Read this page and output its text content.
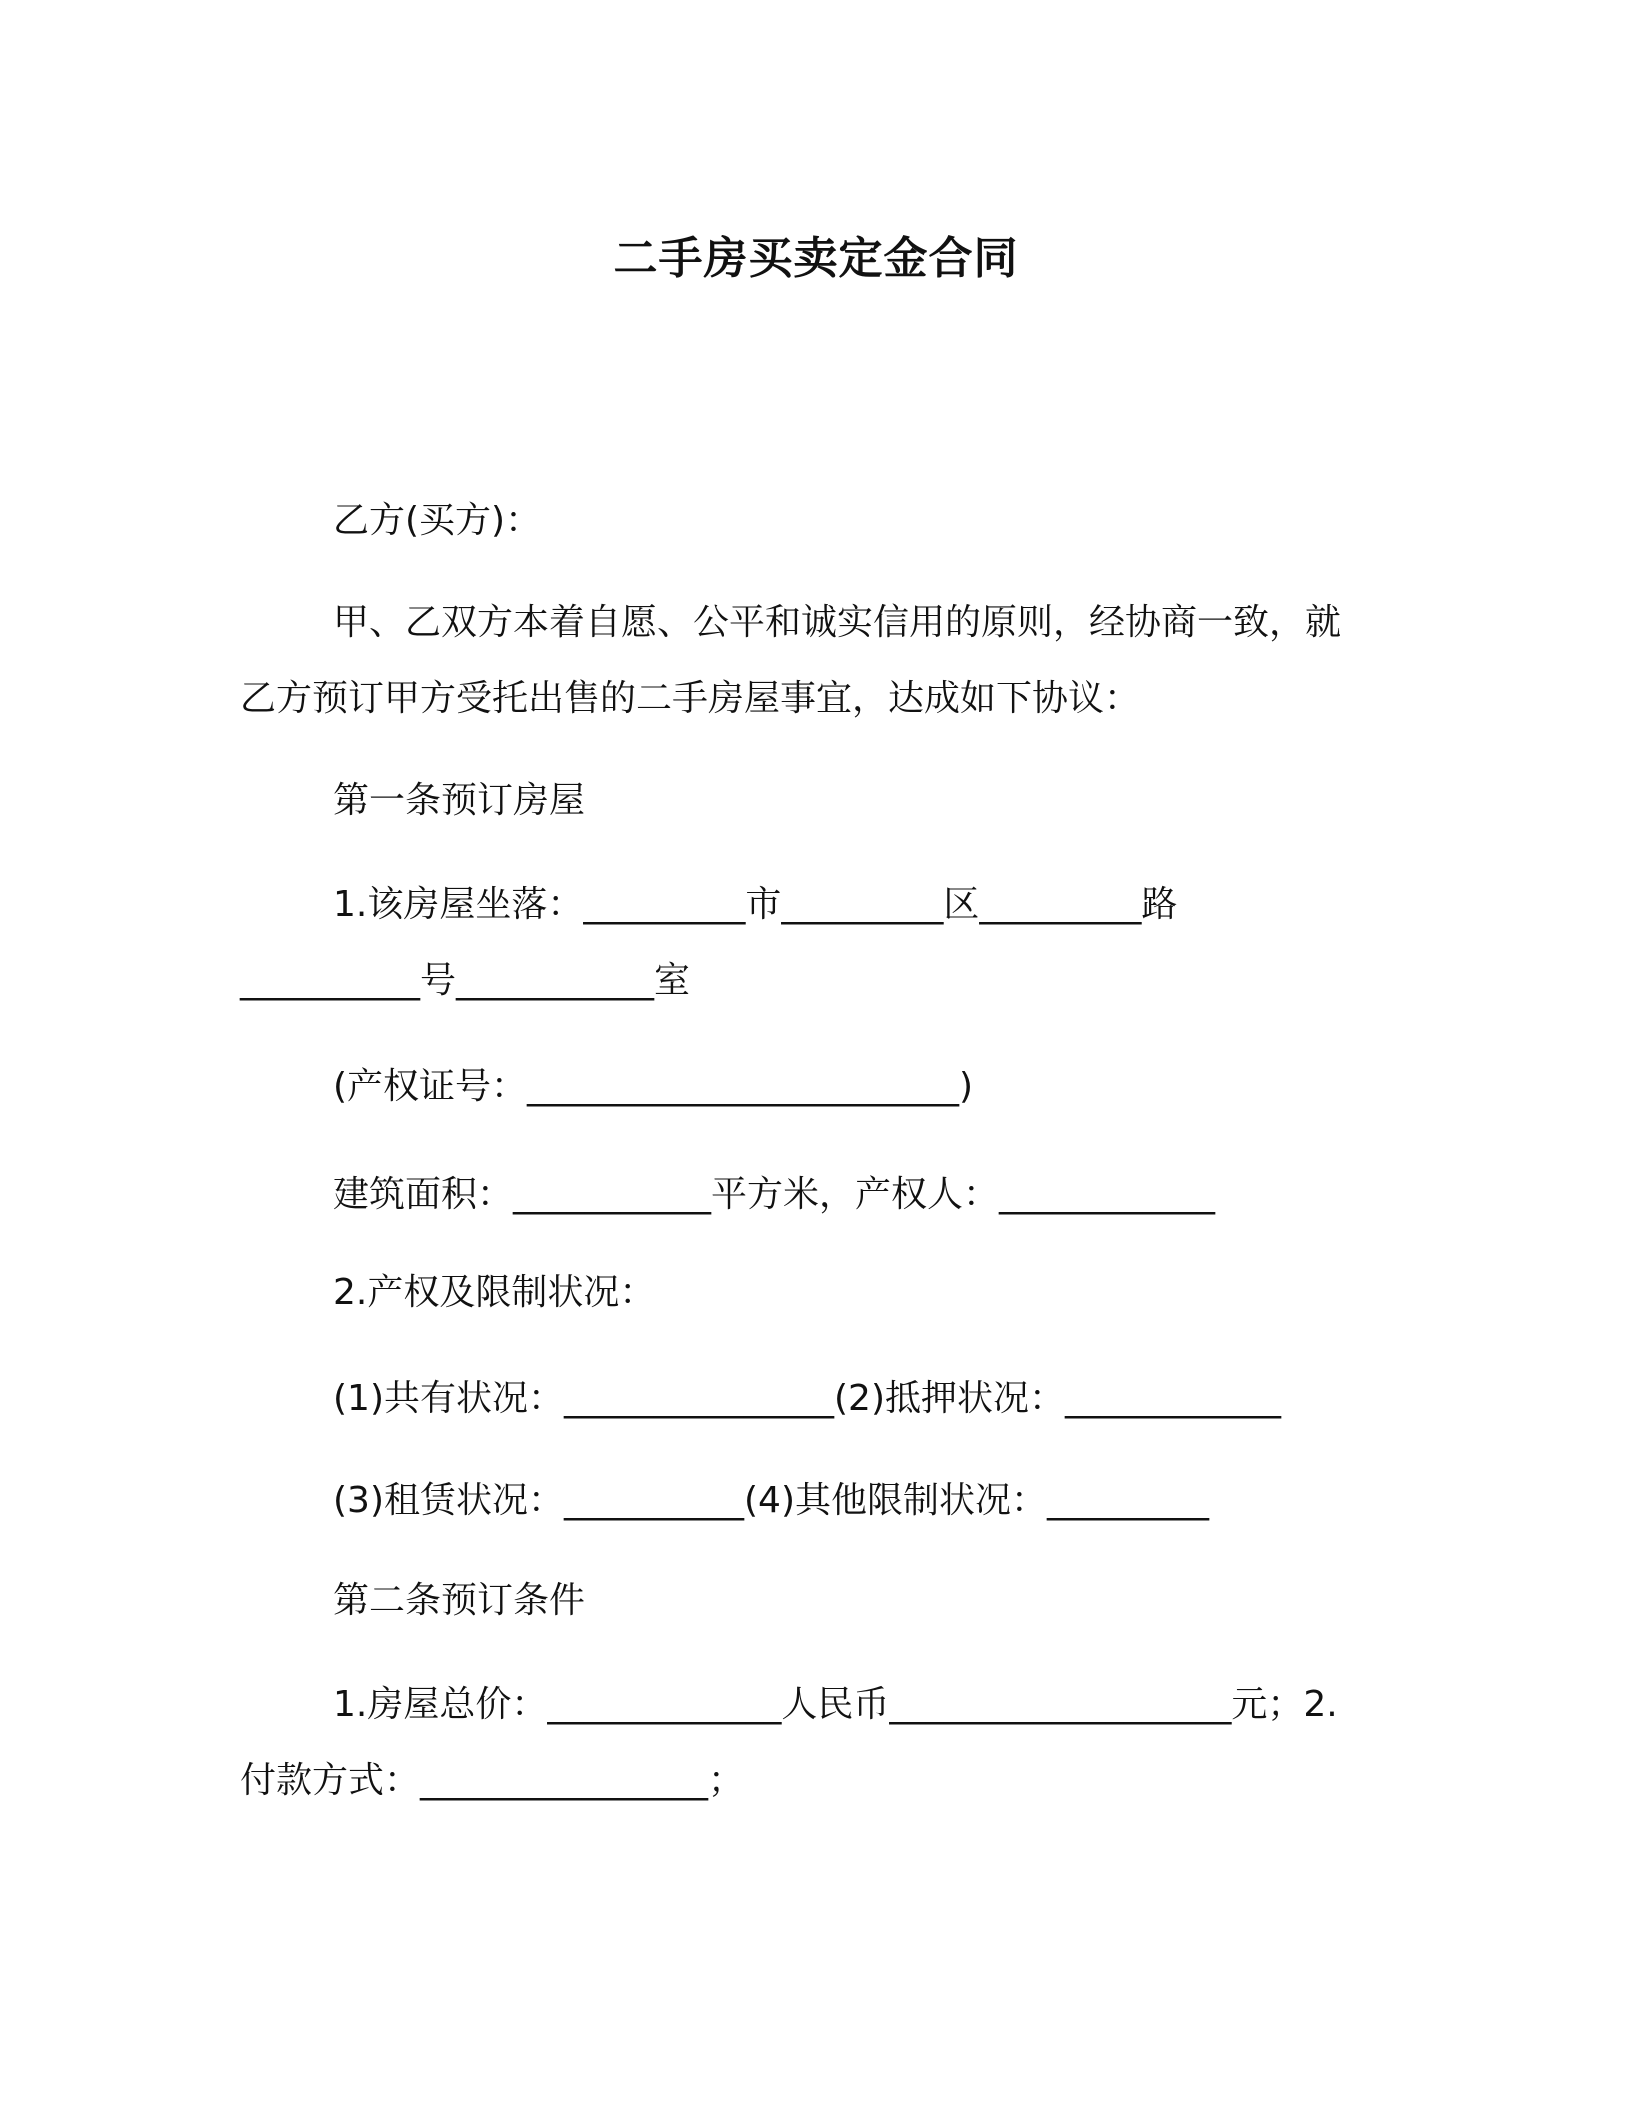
二手房买卖定金合同
乙方(买方)：
甲、乙双方本着自愿、公平和诚实信用的原则，经协商一致，就
乙方预订甲方受托出售的二手房屋事宜，达成如下协议：
第一条预订房屋
1.该房屋坐落：_________市_________区_________路
__________号___________室
(产权证号：________________________)
建筑面积：___________平方米，产权人：____________
2.产权及限制状况：
(1)共有状况：_______________(2)抵押状况：____________
(3)租赁状况：__________(4)其他限制状况：_________
第二条预订条件
1.房屋总价：_____________人民币___________________元；2.
付款方式：________________；
